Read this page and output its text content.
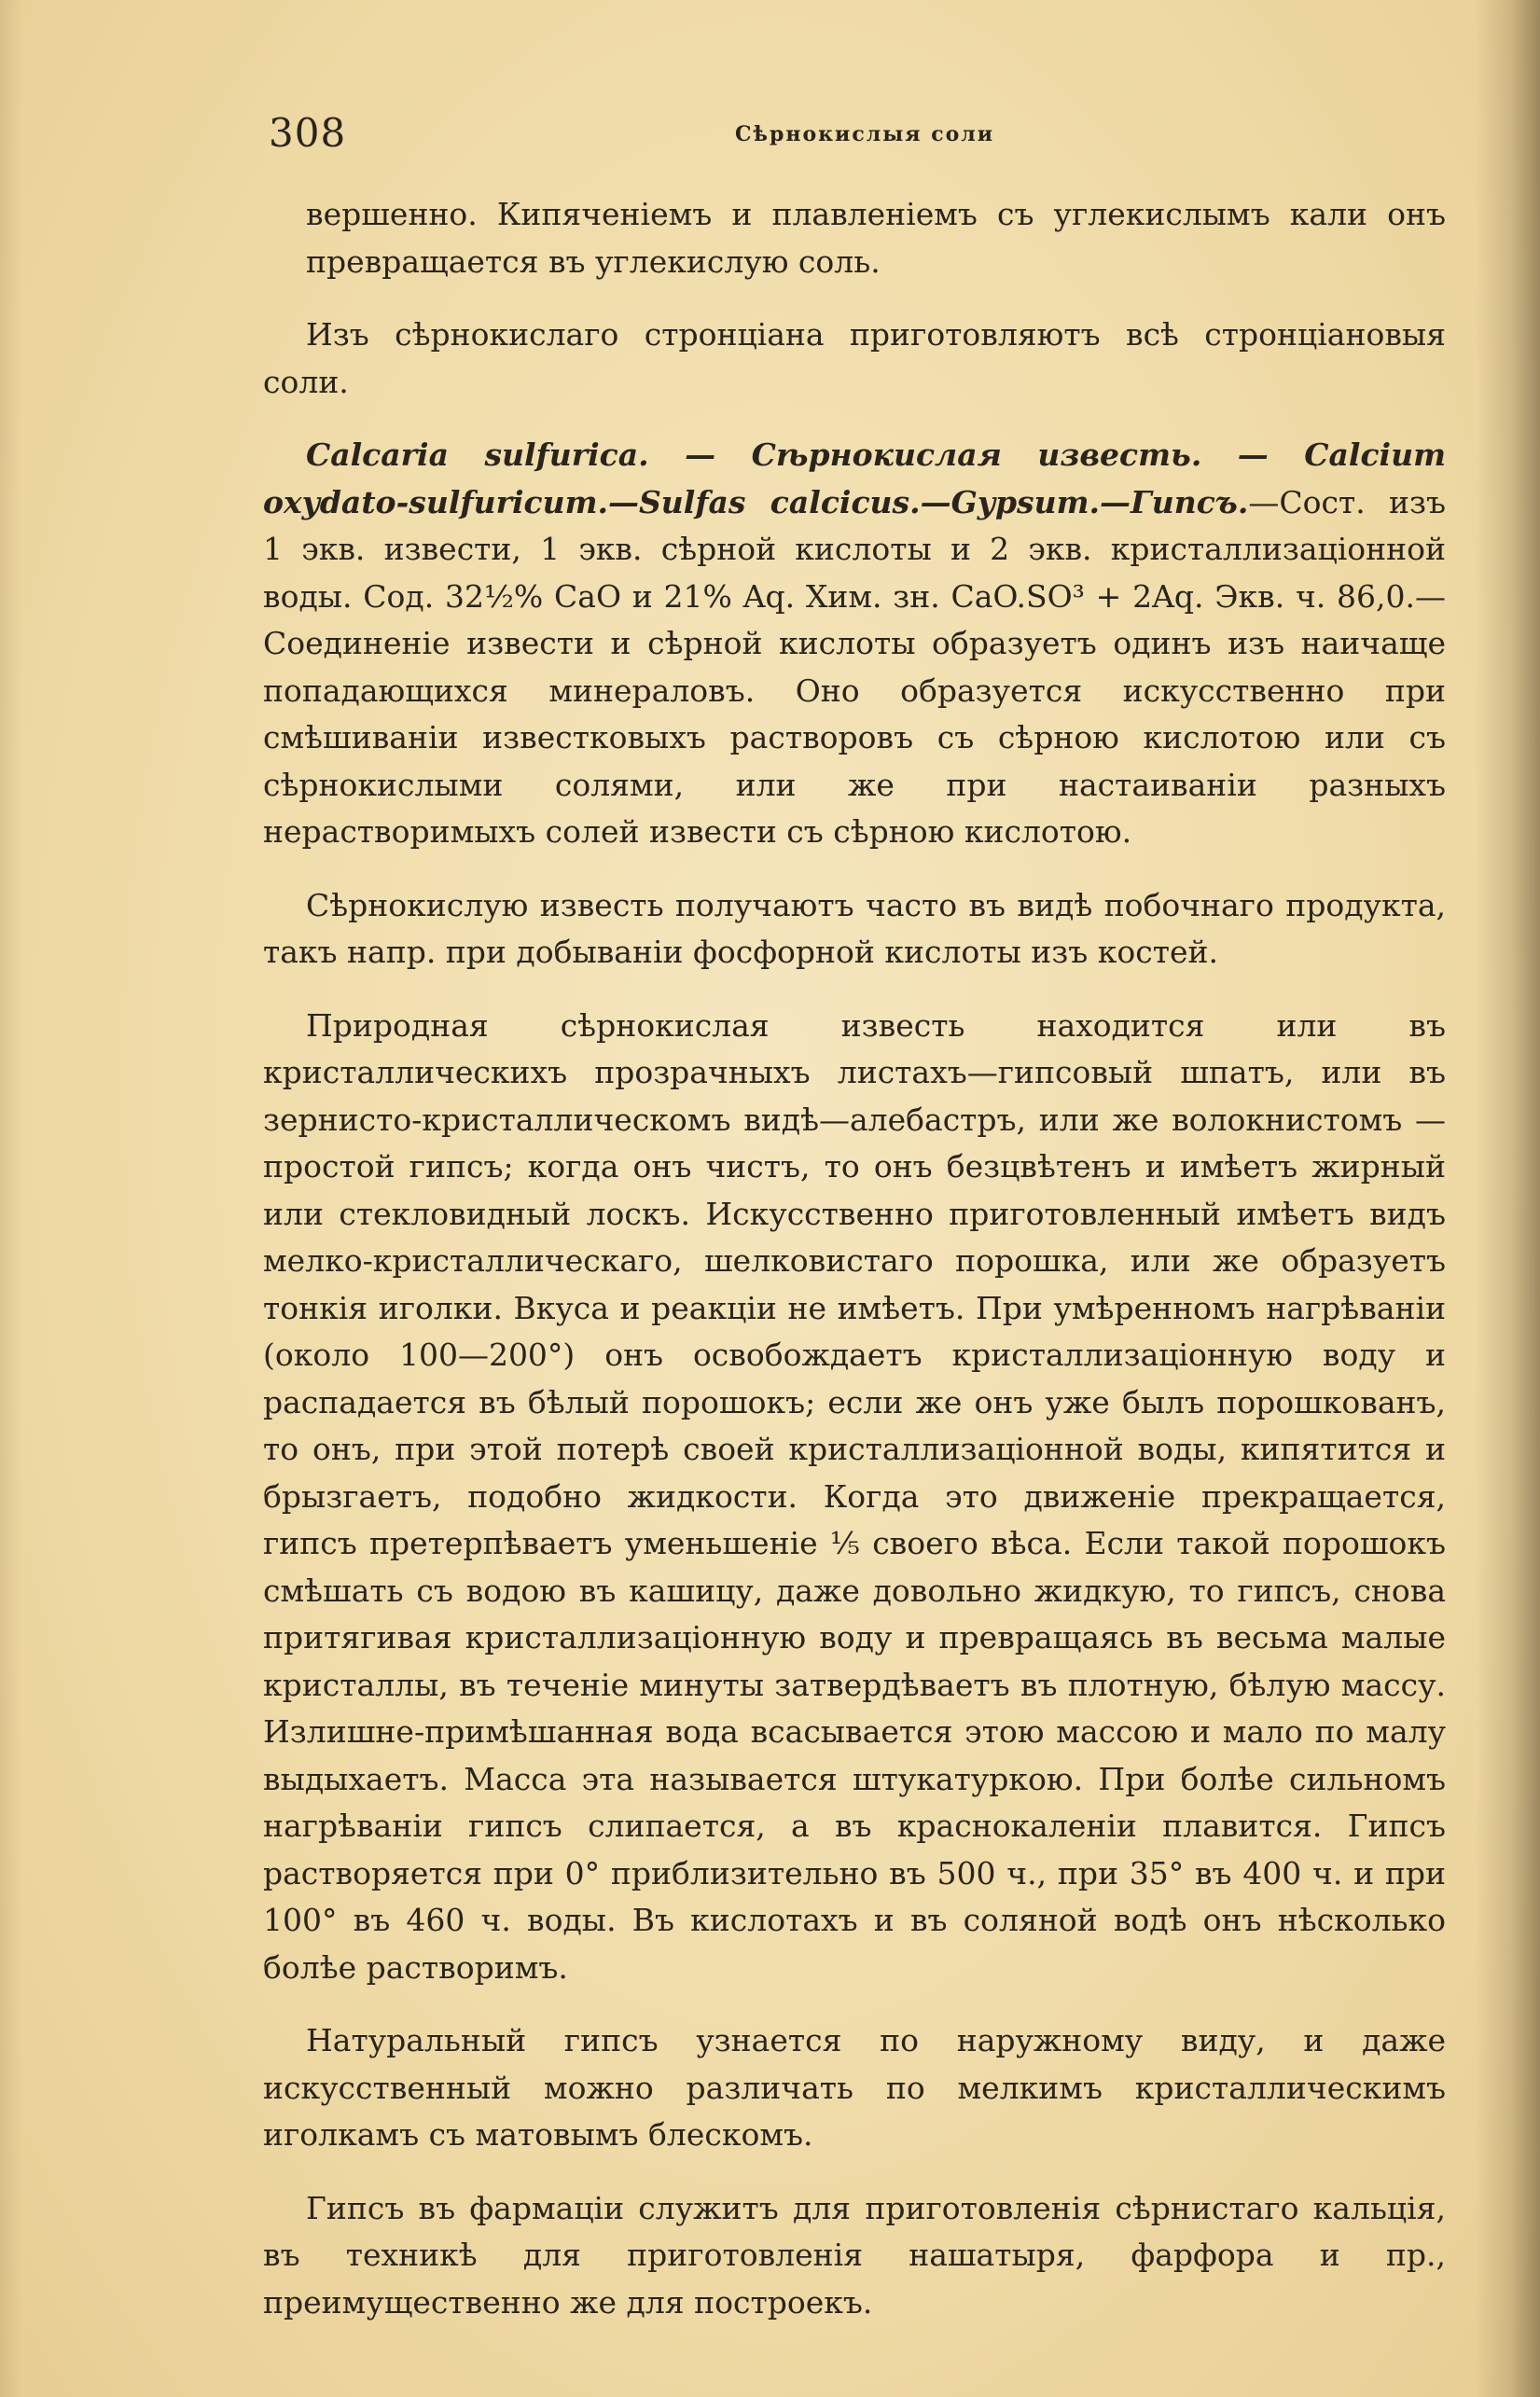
308	Сѣрнокислыя соли

вершенно. Кипяченіемъ и плавленіемъ съ углекислымъ кали онъ превращается въ углекислую соль.

Изъ сѣрнокислаго стронціана приготовляютъ всѣ стронціановыя соли.

Calcaria sulfurica. — Сѣрнокислая известь. — Calcium oxydato-sulfuricum.—Sulfas calcicus.—Gypsum.—Гипсъ.—Сост. изъ 1 экв. извести, 1 экв. сѣрной кислоты и 2 экв. кристаллизаціонной воды. Сод. 32½% CaO и 21% Aq. Хим. зн. CaO.SO³ + 2Aq. Экв. ч. 86,0.— Соединеніе извести и сѣрной кислоты образуетъ одинъ изъ наичаще попадающихся минераловъ. Оно образуется искусственно при смѣшиваніи известковыхъ растворовъ съ сѣрною кислотою или съ сѣрнокислыми солями, или же при настаиваніи разныхъ нерастворимыхъ солей извести съ сѣрною кислотою.

Сѣрнокислую известь получаютъ часто въ видѣ побочнаго продукта, такъ напр. при добываніи фосфорной кислоты изъ костей.

Природная сѣрнокислая известь находится или въ кристаллическихъ прозрачныхъ листахъ—гипсовый шпатъ, или въ зернисто-кристаллическомъ видѣ—алебастръ, или же волокнистомъ — простой гипсъ; когда онъ чистъ, то онъ безцвѣтенъ и имѣетъ жирный или стекловидный лоскъ. Искусственно приготовленный имѣетъ видъ мелко-кристаллическаго, шелковистаго порошка, или же образуетъ тонкія иголки. Вкуса и реакціи не имѣетъ. При умѣренномъ нагрѣваніи (около 100—200°) онъ освобождаетъ кристаллизаціонную воду и распадается въ бѣлый порошокъ; если же онъ уже былъ порошкованъ, то онъ, при этой потерѣ своей кристаллизаціонной воды, кипятится и брызгаетъ, подобно жидкости. Когда это движеніе прекращается, гипсъ претерпѣваетъ уменьшеніе ⅕ своего вѣса. Если такой порошокъ смѣшать съ водою въ кашицу, даже довольно жидкую, то гипсъ, снова притягивая кристаллизаціонную воду и превращаясь въ весьма малые кристаллы, въ теченіе минуты затвердѣваетъ въ плотную, бѣлую массу. Излишне-примѣшанная вода всасывается этою массою и мало по малу выдыхаетъ. Масса эта называется штукатуркою. При болѣе сильномъ нагрѣваніи гипсъ слипается, а въ краснокаленіи плавится. Гипсъ растворяется при 0° приблизительно въ 500 ч., при 35° въ 400 ч. и при 100° въ 460 ч. воды. Въ кислотахъ и въ соляной водѣ онъ нѣсколько болѣе растворимъ.

Натуральный гипсъ узнается по наружному виду, и даже искусственный можно различать по мелкимъ кристаллическимъ иголкамъ съ матовымъ блескомъ.

Гипсъ въ фармаціи служитъ для приготовленія сѣрнистаго кальція, въ техникѣ для приготовленія нашатыря, фарфора и пр., преимущественно же для построекъ.
